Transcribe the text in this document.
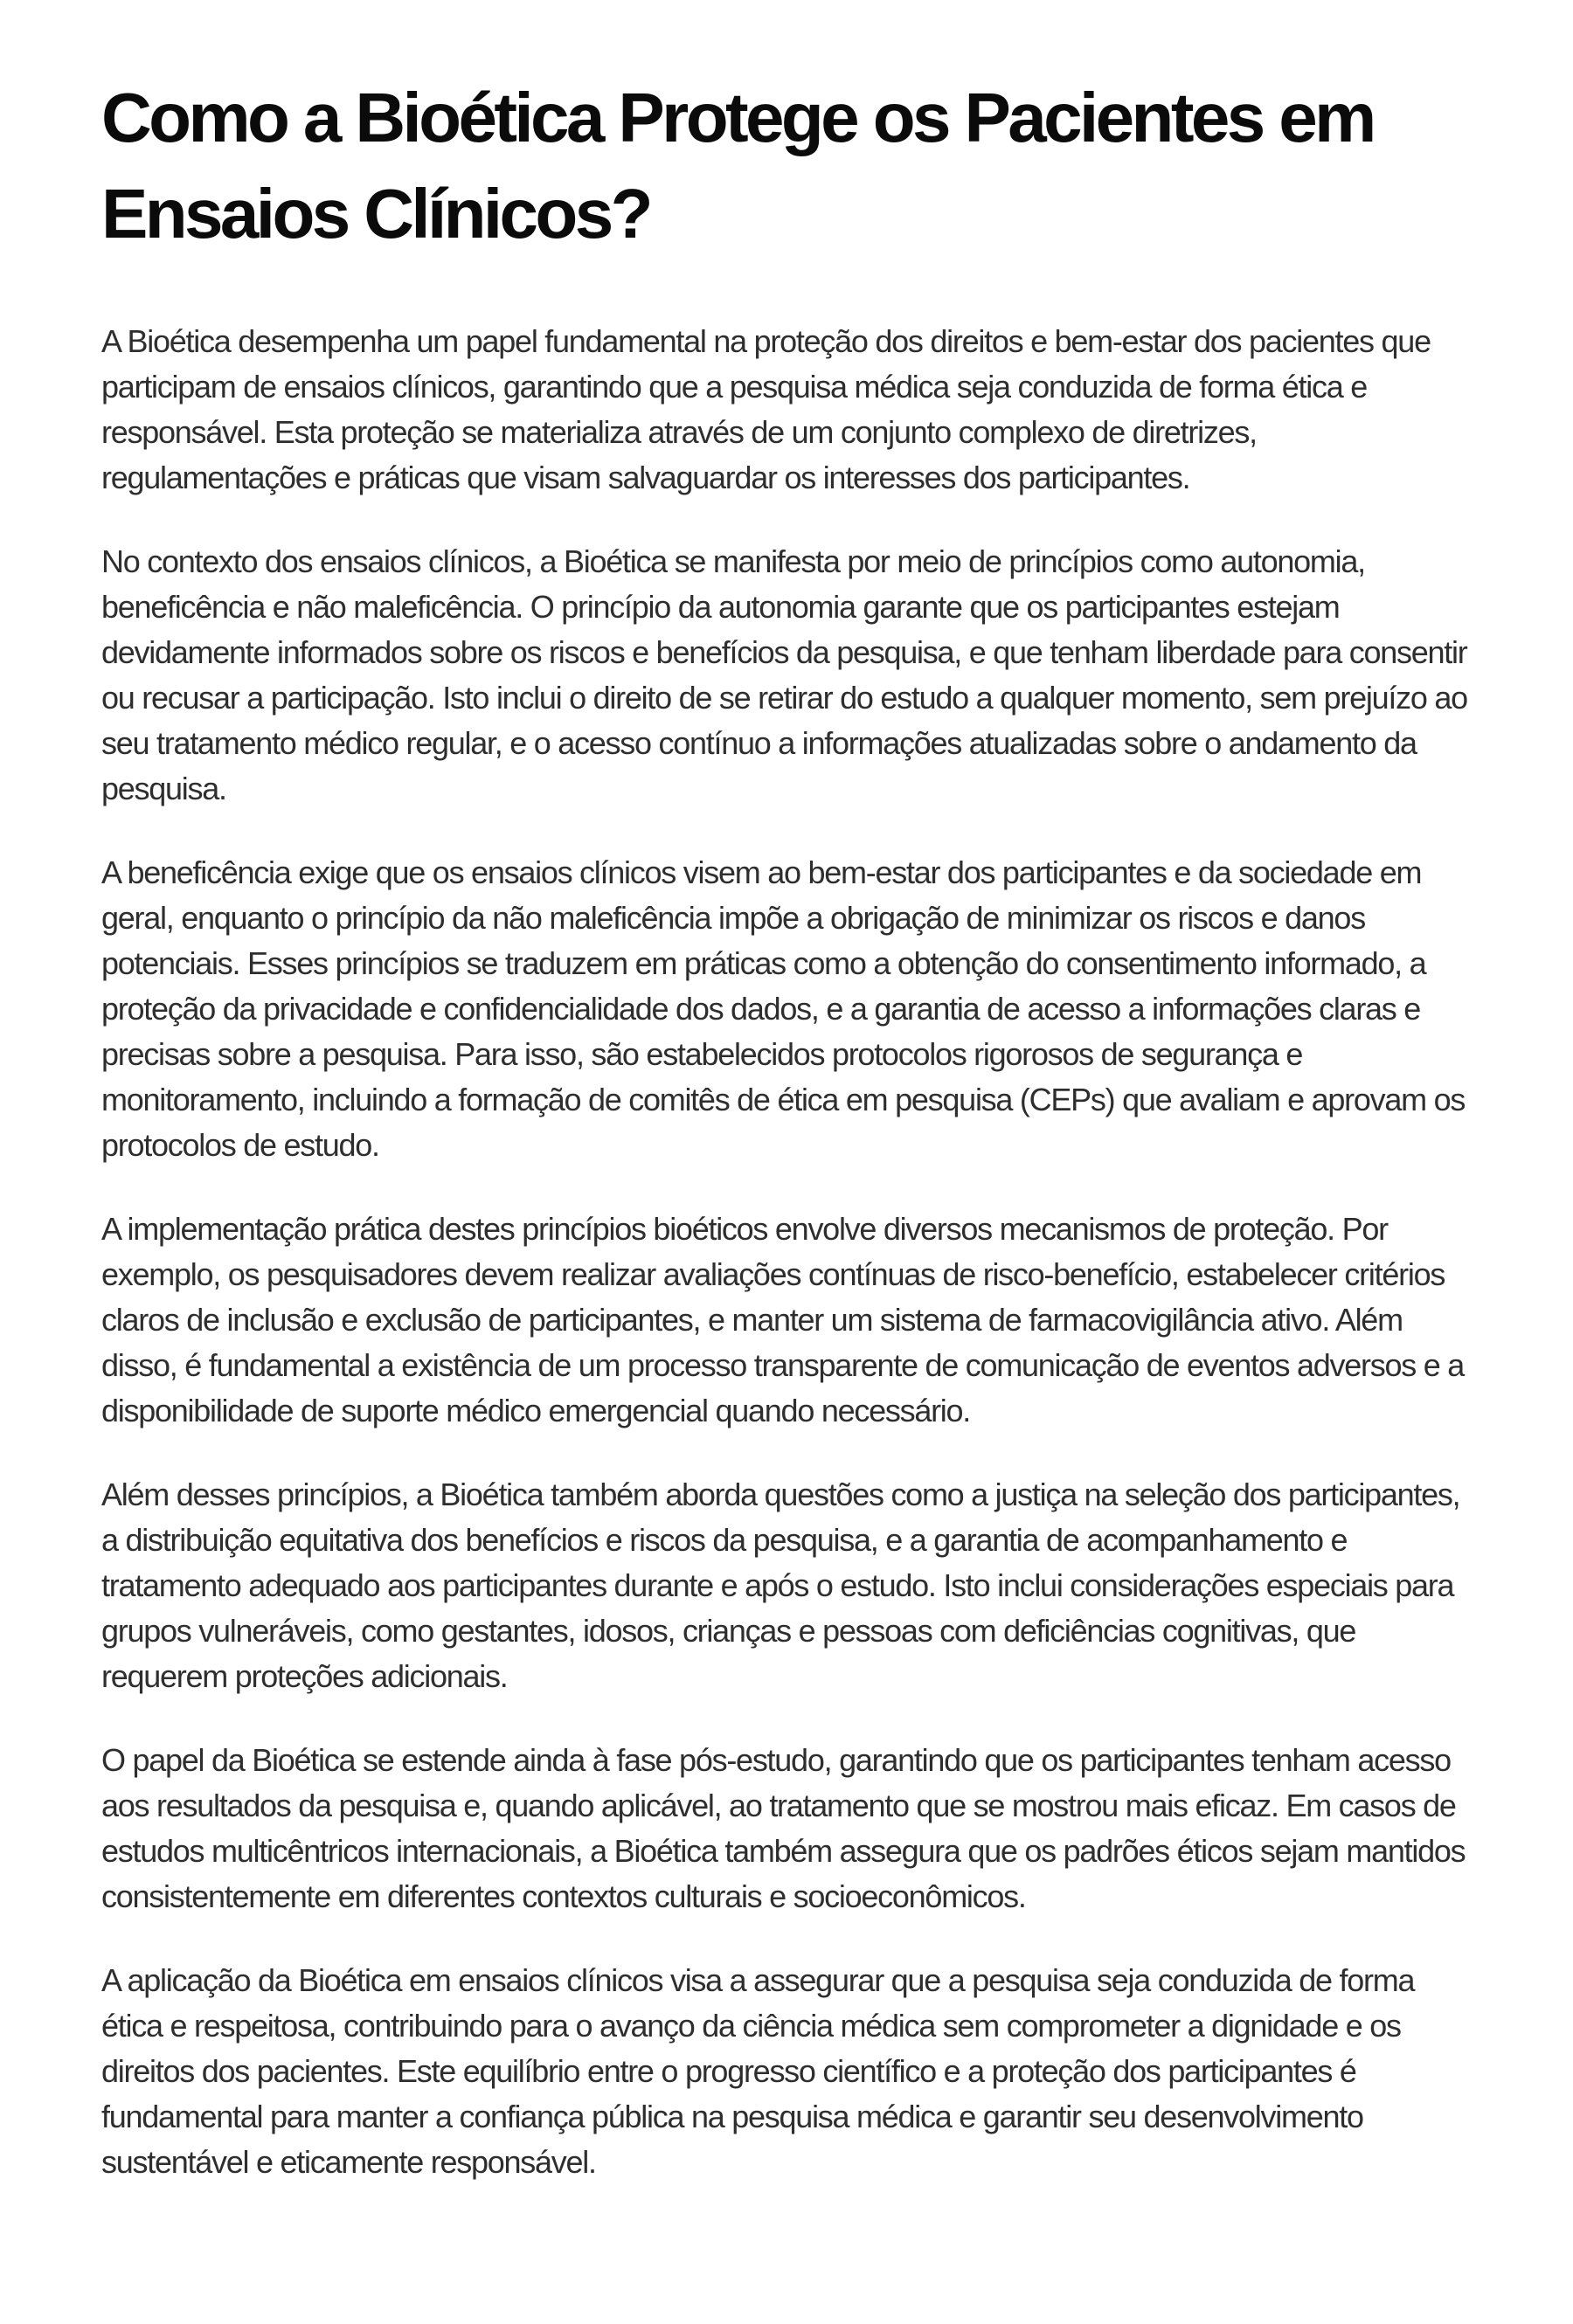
Como a Bioética Protege os Pacientes em
Ensaios Clínicos?

A Bioética desempenha um papel fundamental na proteção dos direitos e bem-estar dos pacientes que participam de ensaios clínicos, garantindo que a pesquisa médica seja conduzida de forma ética e responsável. Esta proteção se materializa através de um conjunto complexo de diretrizes, regulamentações e práticas que visam salvaguardar os interesses dos participantes.

No contexto dos ensaios clínicos, a Bioética se manifesta por meio de princípios como autonomia, beneficência e não maleficência. O princípio da autonomia garante que os participantes estejam devidamente informados sobre os riscos e benefícios da pesquisa, e que tenham liberdade para consentir ou recusar a participação. Isto inclui o direito de se retirar do estudo a qualquer momento, sem prejuízo ao seu tratamento médico regular, e o acesso contínuo a informações atualizadas sobre o andamento da pesquisa.

A beneficência exige que os ensaios clínicos visem ao bem-estar dos participantes e da sociedade em geral, enquanto o princípio da não maleficência impõe a obrigação de minimizar os riscos e danos potenciais. Esses princípios se traduzem em práticas como a obtenção do consentimento informado, a proteção da privacidade e confidencialidade dos dados, e a garantia de acesso a informações claras e precisas sobre a pesquisa. Para isso, são estabelecidos protocolos rigorosos de segurança e monitoramento, incluindo a formação de comitês de ética em pesquisa (CEPs) que avaliam e aprovam os protocolos de estudo.

A implementação prática destes princípios bioéticos envolve diversos mecanismos de proteção. Por exemplo, os pesquisadores devem realizar avaliações contínuas de risco-benefício, estabelecer critérios claros de inclusão e exclusão de participantes, e manter um sistema de farmacovigilância ativo. Além disso, é fundamental a existência de um processo transparente de comunicação de eventos adversos e a disponibilidade de suporte médico emergencial quando necessário.

Além desses princípios, a Bioética também aborda questões como a justiça na seleção dos participantes, a distribuição equitativa dos benefícios e riscos da pesquisa, e a garantia de acompanhamento e tratamento adequado aos participantes durante e após o estudo. Isto inclui considerações especiais para grupos vulneráveis, como gestantes, idosos, crianças e pessoas com deficiências cognitivas, que requerem proteções adicionais.

O papel da Bioética se estende ainda à fase pós-estudo, garantindo que os participantes tenham acesso aos resultados da pesquisa e, quando aplicável, ao tratamento que se mostrou mais eficaz. Em casos de estudos multicêntricos internacionais, a Bioética também assegura que os padrões éticos sejam mantidos consistentemente em diferentes contextos culturais e socioeconômicos.

A aplicação da Bioética em ensaios clínicos visa a assegurar que a pesquisa seja conduzida de forma ética e respeitosa, contribuindo para o avanço da ciência médica sem comprometer a dignidade e os direitos dos pacientes. Este equilíbrio entre o progresso científico e a proteção dos participantes é fundamental para manter a confiança pública na pesquisa médica e garantir seu desenvolvimento sustentável e eticamente responsável.
